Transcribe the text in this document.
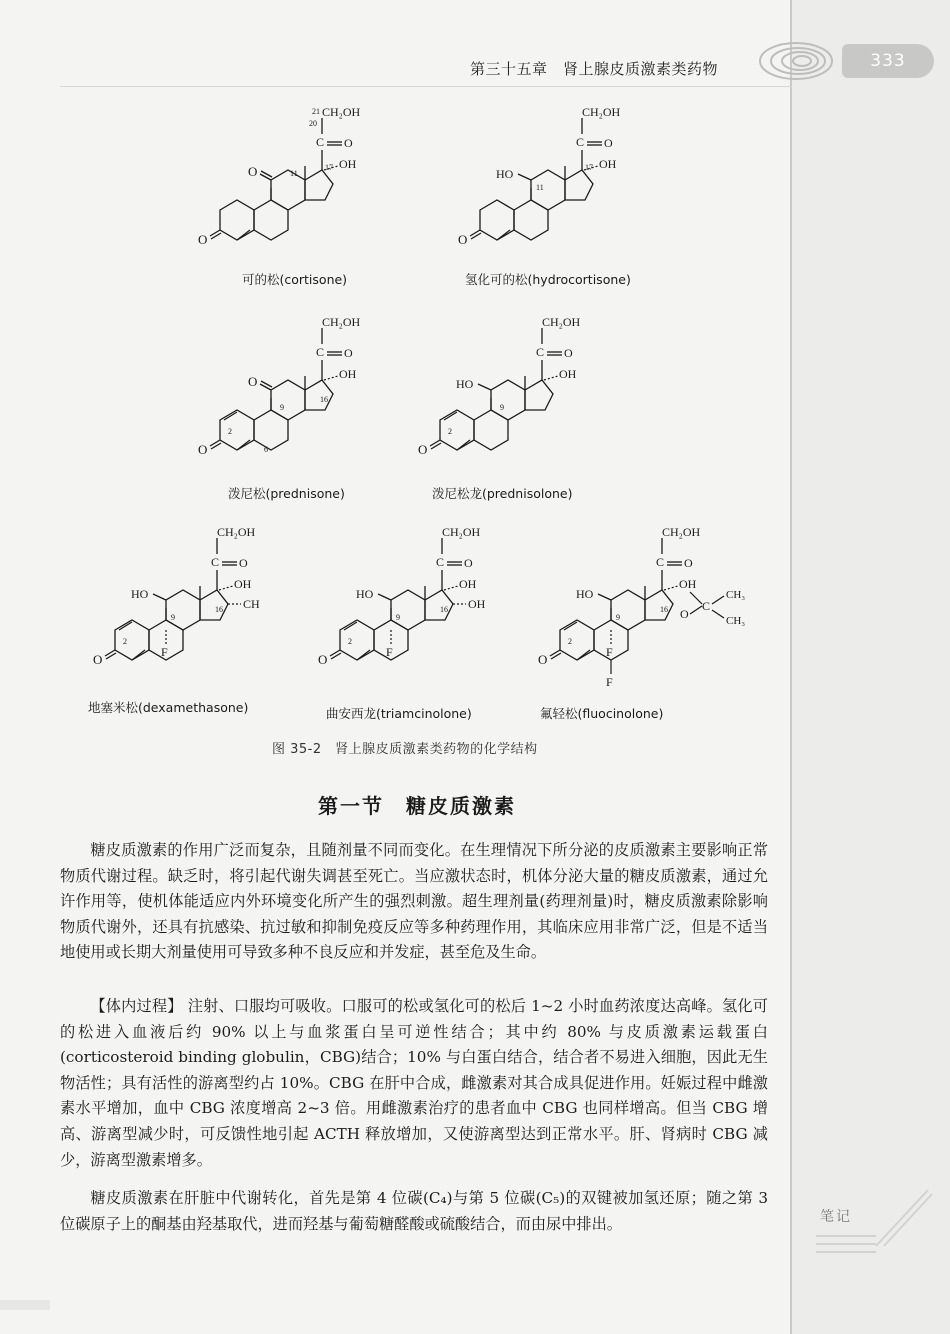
第三十五章　肾上腺皮质激素类药物	333
O
C	O
CH₂OH
OH	O	11
20
21
17	HO
11
17
O
2
9
6
16
HO
2
9
HO
F
CH
2
9
16
HO
F
OH
2
9
16
HO
F
F
O
C
CH₃
CH₃
2
9
16
可的松(cortisone)	氢化可的松(hydrocortisone)
泼尼松(prednisone)	泼尼松龙(prednisolone)
地塞米松(dexamethasone)	曲安西龙(triamcinolone)	氟轻松(fluocinolone)
图 35-2　肾上腺皮质激素类药物的化学结构
第一节　糖皮质激素

糖皮质激素的作用广泛而复杂，且随剂量不同而变化。在生理情况下所分泌的皮质激素主要影响正常物质代谢过程。缺乏时，将引起代谢失调甚至死亡。当应激状态时，机体分泌大量的糖皮质激素，通过允许作用等，使机体能适应内外环境变化所产生的强烈刺激。超生理剂量(药理剂量)时，糖皮质激素除影响物质代谢外，还具有抗感染、抗过敏和抑制免疫反应等多种药理作用，其临床应用非常广泛，但是不适当地使用或长期大剂量使用可导致多种不良反应和并发症，甚至危及生命。

【体内过程】 注射、口服均可吸收。口服可的松或氢化可的松后 1~2 小时血药浓度达高峰。氢化可的松进入血液后约 90% 以上与血浆蛋白呈可逆性结合；其中约 80% 与皮质激素运载蛋白(corticosteroid binding globulin，CBG)结合；10% 与白蛋白结合，结合者不易进入细胞，因此无生物活性；具有活性的游离型约占 10%。CBG 在肝中合成，雌激素对其合成具促进作用。妊娠过程中雌激素水平增加，血中 CBG 浓度增高 2~3 倍。用雌激素治疗的患者血中 CBG 也同样增高。但当 CBG 增高、游离型减少时，可反馈性地引起 ACTH 释放增加，又使游离型达到正常水平。肝、肾病时 CBG 减少，游离型激素增多。

糖皮质激素在肝脏中代谢转化，首先是第 4 位碳(C₄)与第 5 位碳(C₅)的双键被加氢还原；随之第 3 位碳原子上的酮基由羟基取代，进而羟基与葡萄糖醛酸或硫酸结合，而由尿中排出。	笔记
